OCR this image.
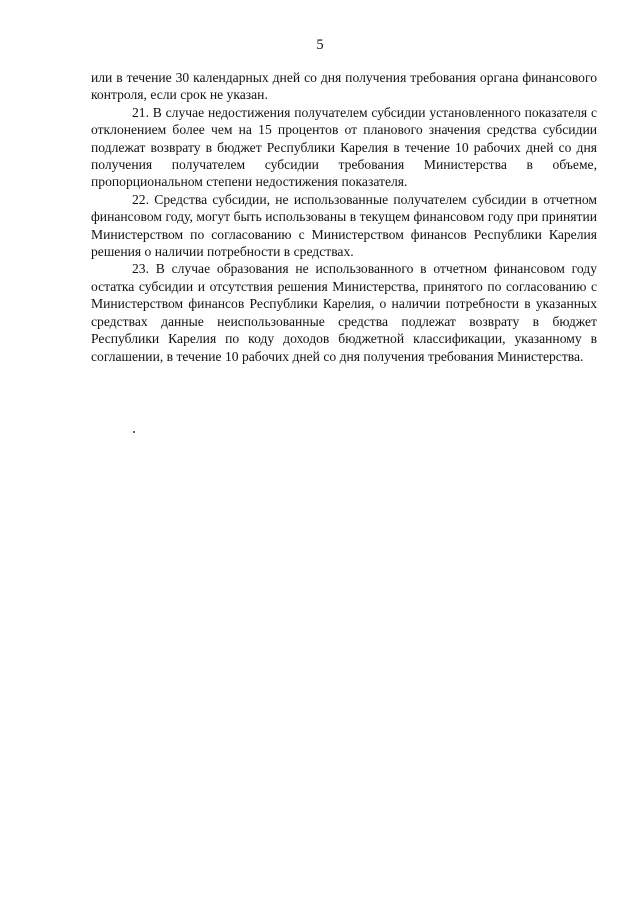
5

или в течение 30 календарных дней со дня получения требования органа финансового контроля, если срок не указан.

21. В случае недостижения получателем субсидии установленного показателя с отклонением более чем на 15 процентов от планового значения средства субсидии подлежат возврату в бюджет Республики Карелия в течение 10 рабочих дней со дня получения получателем субсидии требования Министерства в объеме, пропорциональном степени недостижения показателя.

22. Средства субсидии, не использованные получателем субсидии в отчетном финансовом году, могут быть использованы в текущем финансовом году при принятии Министерством по согласованию с Министерством финансов Республики Карелия решения о наличии потребности в средствах.

23. В случае образования не использованного в отчетном финансовом году остатка субсидии и отсутствия решения Министерства, принятого по согласованию с Министерством финансов Республики Карелия, о наличии потребности в указанных средствах данные неиспользованные средства подлежат возврату в бюджет Республики Карелия по коду доходов бюджетной классификации, указанному в соглашении, в течение 10 рабочих дней со дня получения требования Министерства.
